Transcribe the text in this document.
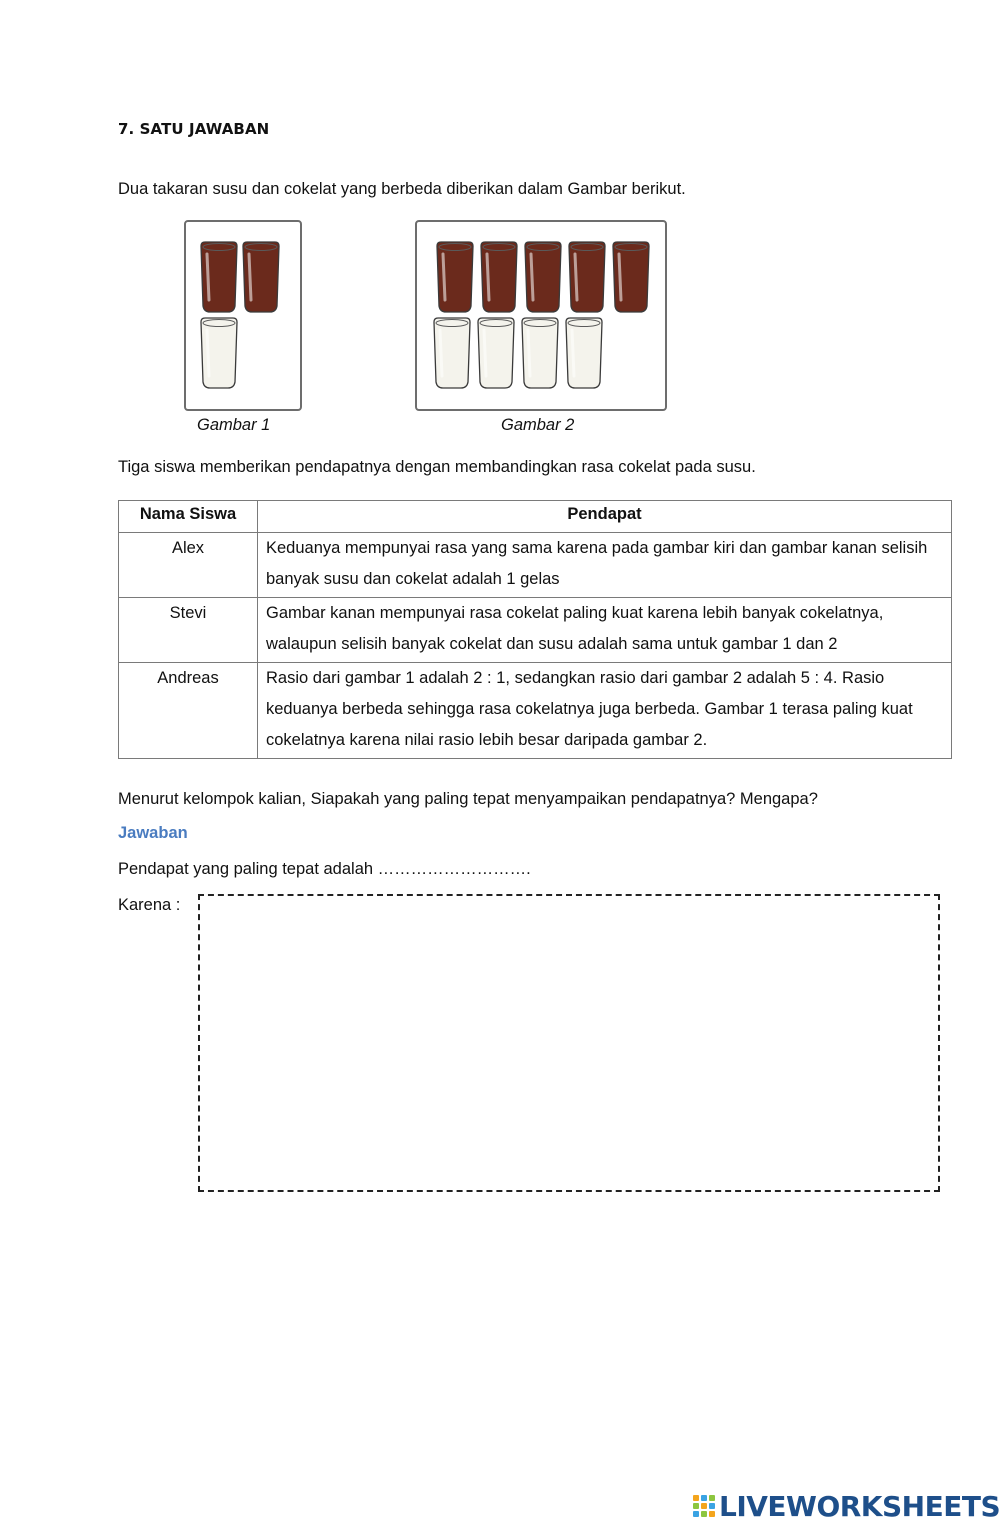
7. SATU JAWABAN
Dua takaran susu dan cokelat yang berbeda diberikan dalam Gambar berikut.
Gambar 1	Gambar 2
Tiga siswa memberikan pendapatnya dengan membandingkan rasa cokelat pada susu.
Nama Siswa	Pendapat
Alex	Keduanya mempunyai rasa yang sama karena pada gambar kiri dan gambar kanan selisih banyak susu dan cokelat adalah 1 gelas
Stevi	Gambar kanan mempunyai rasa cokelat paling kuat karena lebih banyak cokelatnya, walaupun selisih banyak cokelat dan susu adalah sama untuk gambar 1 dan 2
Andreas	Rasio dari gambar 1 adalah 2 : 1, sedangkan rasio dari gambar 2 adalah 5 : 4. Rasio keduanya berbeda sehingga rasa cokelatnya juga berbeda. Gambar 1 terasa paling kuat cokelatnya karena nilai rasio lebih besar daripada gambar 2.
Menurut kelompok kalian, Siapakah yang paling tepat menyampaikan pendapatnya? Mengapa?
Jawaban
Pendapat yang paling tepat adalah ……………………….
Karena :
LIVEWORKSHEETS
